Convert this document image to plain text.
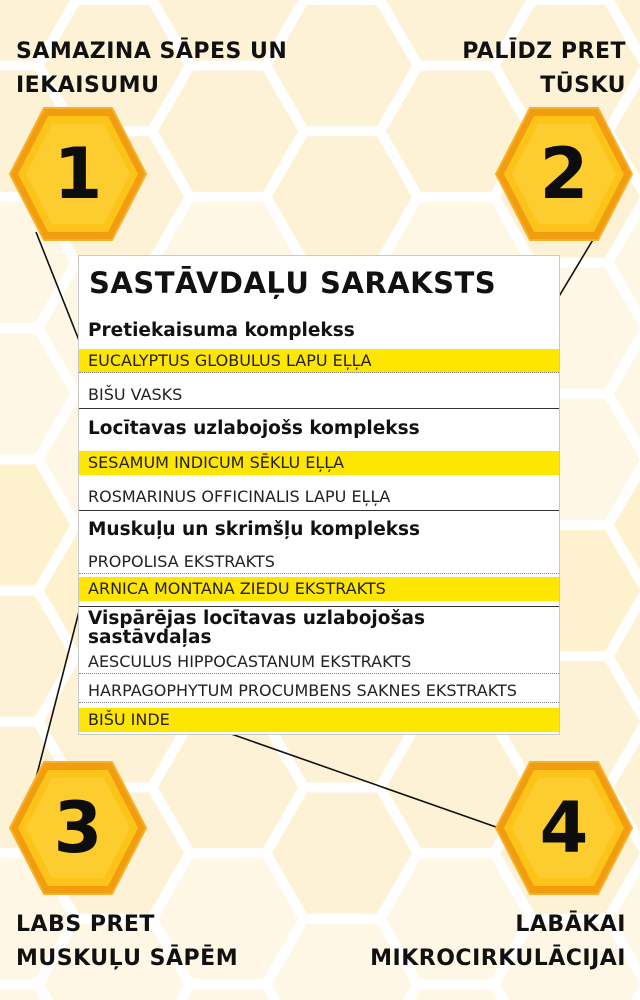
SAMAZINA SĀPES UN
IEKAISUMU
PALĪDZ PRET
TŪSKU
LABS PRET
MUSKUĻU SĀPĒM
LABĀKAI
MIKROCIRKULĀCIJAI
1	2
3	4
SASTĀVDAĻU SARAKSTS
Pretiekaisuma komplekss
EUCALYPTUS GLOBULUS LAPU EĻĻA
BIŠU VASKS
Locītavas uzlabojošs komplekss
SESAMUM INDICUM SĒKLU EĻĻA
ROSMARINUS OFFICINALIS LAPU EĻĻA
Muskuļu un skrimšļu komplekss
PROPOLISA EKSTRAKTS
ARNICA MONTANA ZIEDU EKSTRAKTS
Vispārējas locītavas uzlabojošas
sastāvdaļas
AESCULUS HIPPOCASTANUM EKSTRAKTS
HARPAGOPHYTUM PROCUMBENS SAKNES EKSTRAKTS
BIŠU INDE
